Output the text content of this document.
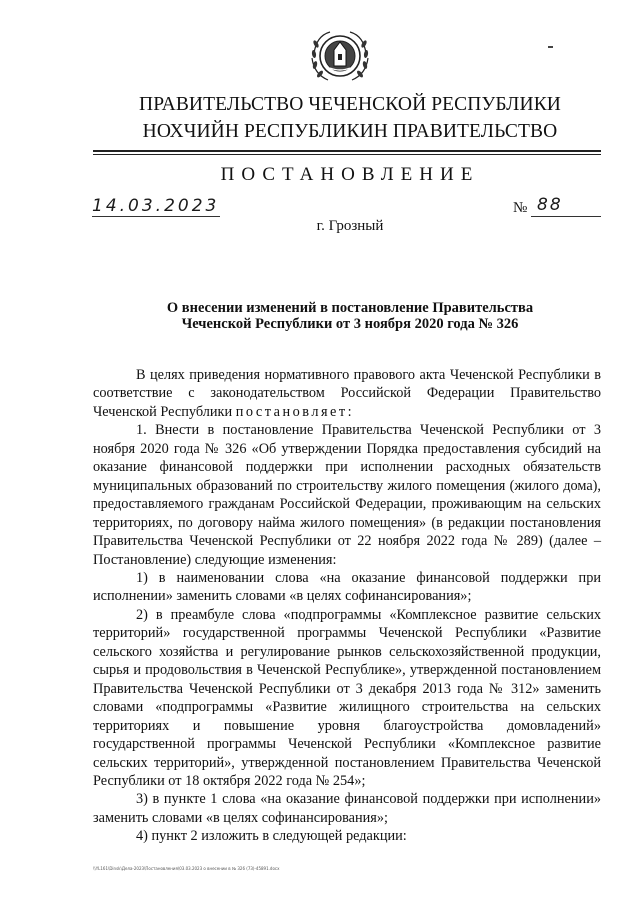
ПРАВИТЕЛЬСТВО ЧЕЧЕНСКОЙ РЕСПУБЛИКИ
НОХЧИЙН РЕСПУБЛИКИН ПРАВИТЕЛЬСТВО
ПОСТАНОВЛЕНИЕ
14.03.2023	№ 88
г. Грозный
О внесении изменений в постановление Правительства
Чеченской Республики от 3 ноября 2020 года № 326

В целях приведения нормативного правового акта Чеченской Республики в соответствие с законодательством Российской Федерации Правительство Чеченской Республики постановляет:

1. Внести в постановление Правительства Чеченской Республики от 3 ноября 2020 года № 326 «Об утверждении Порядка предоставления субсидий на оказание финансовой поддержки при исполнении расходных обязательств муниципальных образований по строительству жилого помещения (жилого дома), предоставляемого гражданам Российской Федерации, проживающим на сельских территориях, по договору найма жилого помещения» (в редакции постановления Правительства Чеченской Республики от 22 ноября 2022 года № 289) (далее – Постановление) следующие изменения:

1) в наименовании слова «на оказание финансовой поддержки при исполнении» заменить словами «в целях софинансирования»;

2) в преамбуле слова «подпрограммы «Комплексное развитие сельских территорий» государственной программы Чеченской Республики «Развитие сельского хозяйства и регулирование рынков сельскохозяйственной продукции, сырья и продовольствия в Чеченской Республике», утвержденной постановлением Правительства Чеченской Республики от 3 декабря 2013 года № 312» заменить словами «подпрограммы «Развитие жилищного строительства на сельских территориях и повышение уровня благоустройства домовладений» государственной программы Чеченской Республики «Комплексное развитие сельских территорий», утвержденной постановлением Правительства Чеченской Республики от 18 октября 2022 года № 254»;

3) в пункте 1 слова «на оказание финансовой поддержки при исполнении» заменить словами «в целях софинансирования»;

4) пункт 2 изложить в следующей редакции:

\\YL161\Dinsk\Дела-2023\Постановления\03.03.2023 о внесении в № 326 (73)-45891.docx
